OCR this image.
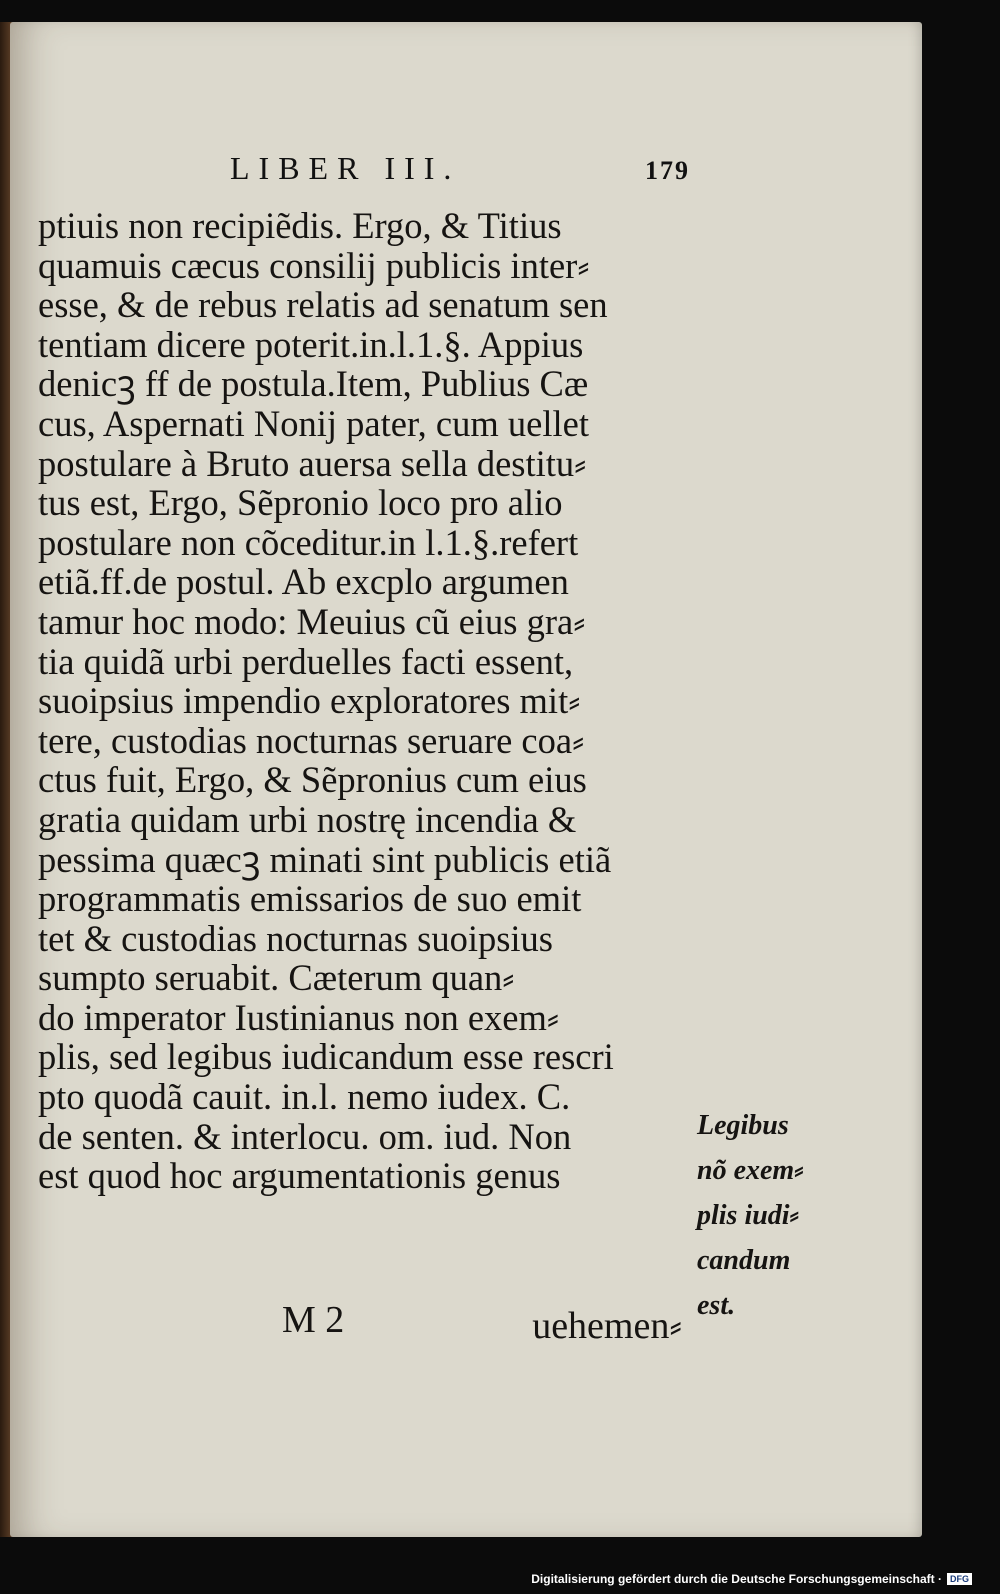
LIBER III.	179
ptiuis non recipiẽdis. Ergo, & Titius
quamuis cæcus consilij publicis inter⸗
esse, & de rebus relatis ad senatum sen
tentiam dicere poterit.in.l.1.§. Appius
denicꝫ ff de postula.Item, Publius Cæ
cus, Aspernati Nonij pater, cum uellet
postulare à Bruto auersa sella destitu⸗
tus est, Ergo, Sẽpronio loco pro alio
postulare non cõceditur.in l.1.§.refert
etiã.ff.de postul. Ab excplo argumen
tamur hoc modo: Meuius cũ eius gra⸗
tia quidã urbi perduelles facti essent,
suoipsius impendio exploratores mit⸗
tere, custodias nocturnas seruare coa⸗
ctus fuit, Ergo, & Sẽpronius cum eius
gratia quidam urbi nostrę incendia &
pessima quæcꝫ minati sint publicis etiã
programmatis emissarios de suo emit
tet & custodias nocturnas suoipsius
sumpto seruabit. Cæterum quan⸗
do imperator Iustinianus non exem⸗
plis, sed legibus iudicandum esse rescri
pto quodã cauit. in.l. nemo iudex. C.
de senten. & interlocu. om. iud. Non
est quod hoc argumentationis genus
M 2	uehemen⸗
Legibus
nõ exem⸗
plis iudi⸗
candum
est.
Digitalisierung gefördert durch die Deutsche Forschungsgemeinschaft · DFG
